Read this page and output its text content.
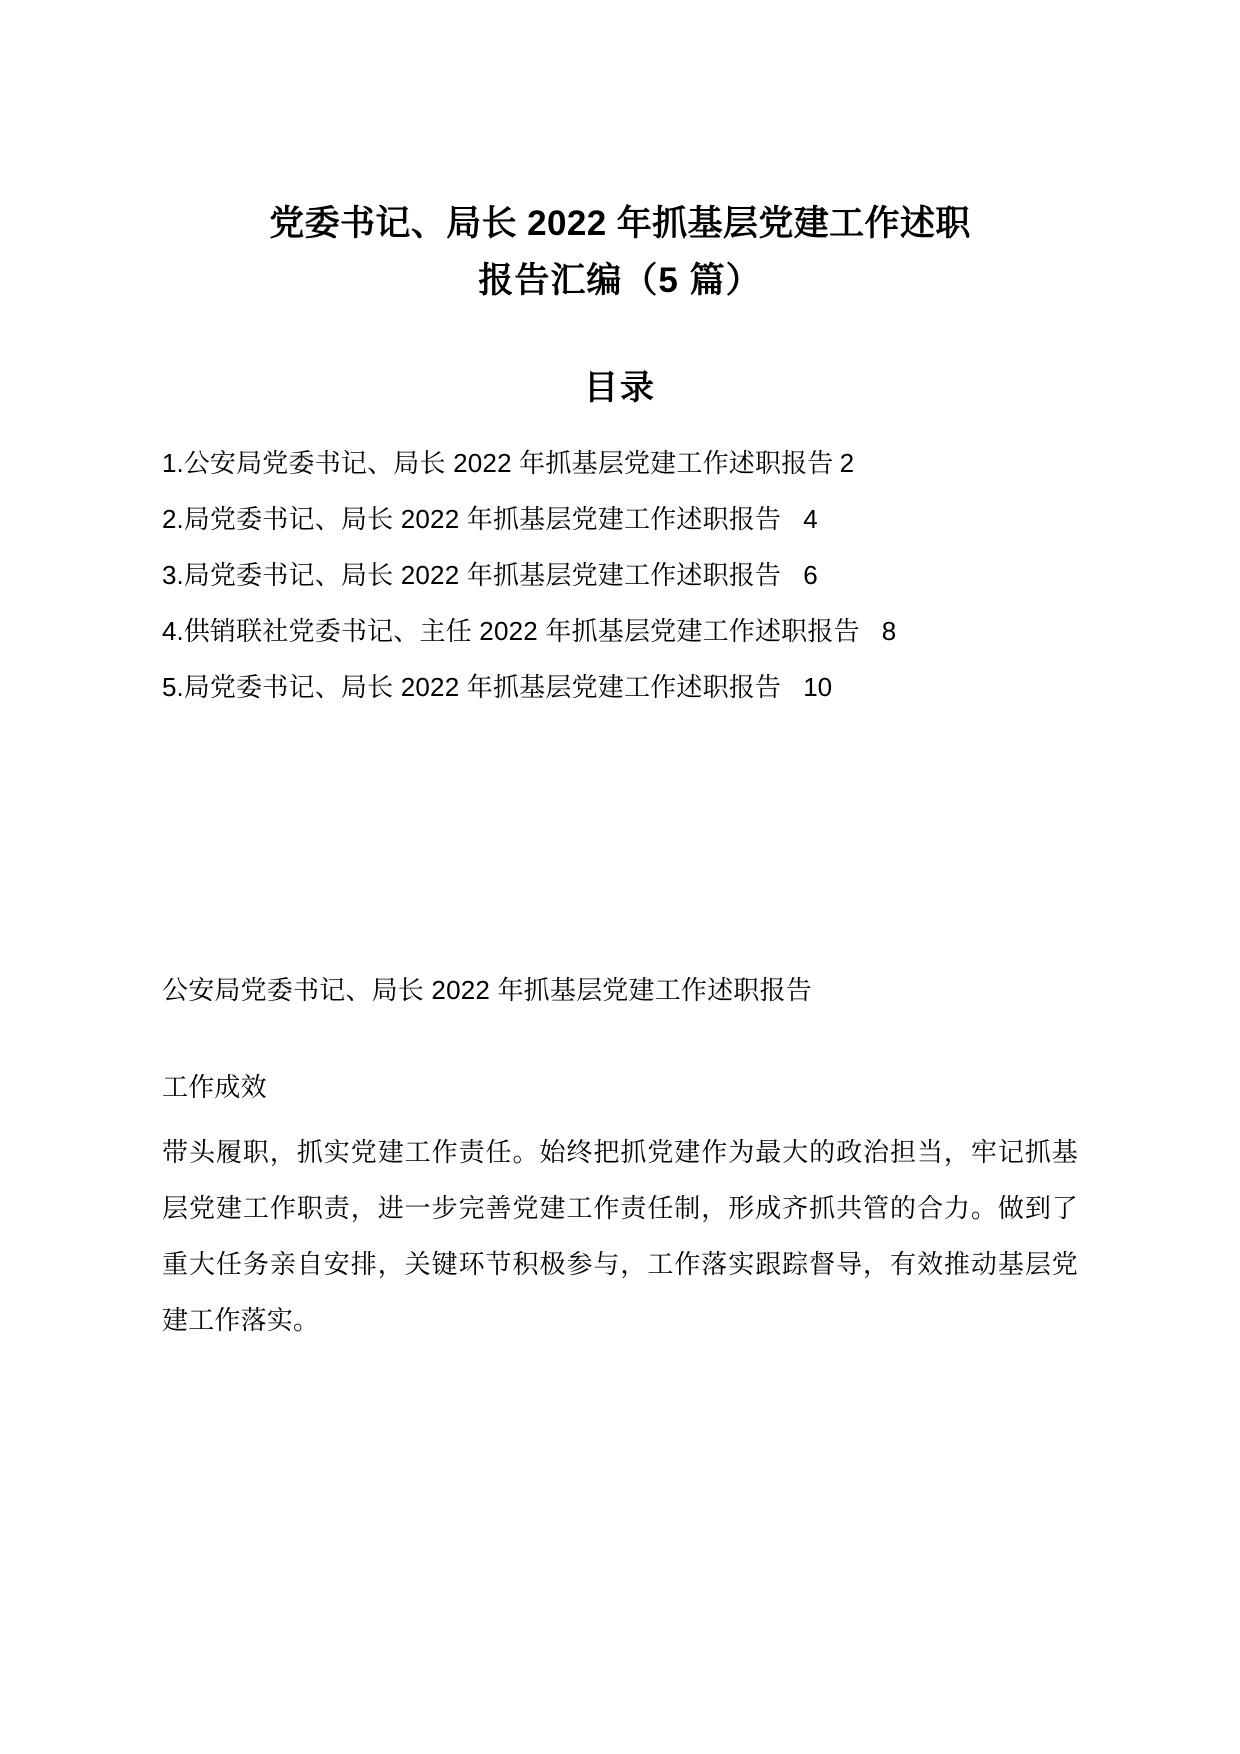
党委书记、局长 2022 年抓基层党建工作述职
报告汇编（5 篇）
目录
1.公安局党委书记、局长 2022 年抓基层党建工作述职报告 2
2.局党委书记、局长 2022 年抓基层党建工作述职报告 4
3.局党委书记、局长 2022 年抓基层党建工作述职报告 6
4.供销联社党委书记、主任 2022 年抓基层党建工作述职报告 8
5.局党委书记、局长 2022 年抓基层党建工作述职报告 10
公安局党委书记、局长 2022 年抓基层党建工作述职报告
工作成效

带头履职，抓实党建工作责任。始终把抓党建作为最大的政治担当，牢记抓基层党建工作职责，进一步完善党建工作责任制，形成齐抓共管的合力。做到了重大任务亲自安排，关键环节积极参与，工作落实跟踪督导，有效推动基层党建工作落实。
